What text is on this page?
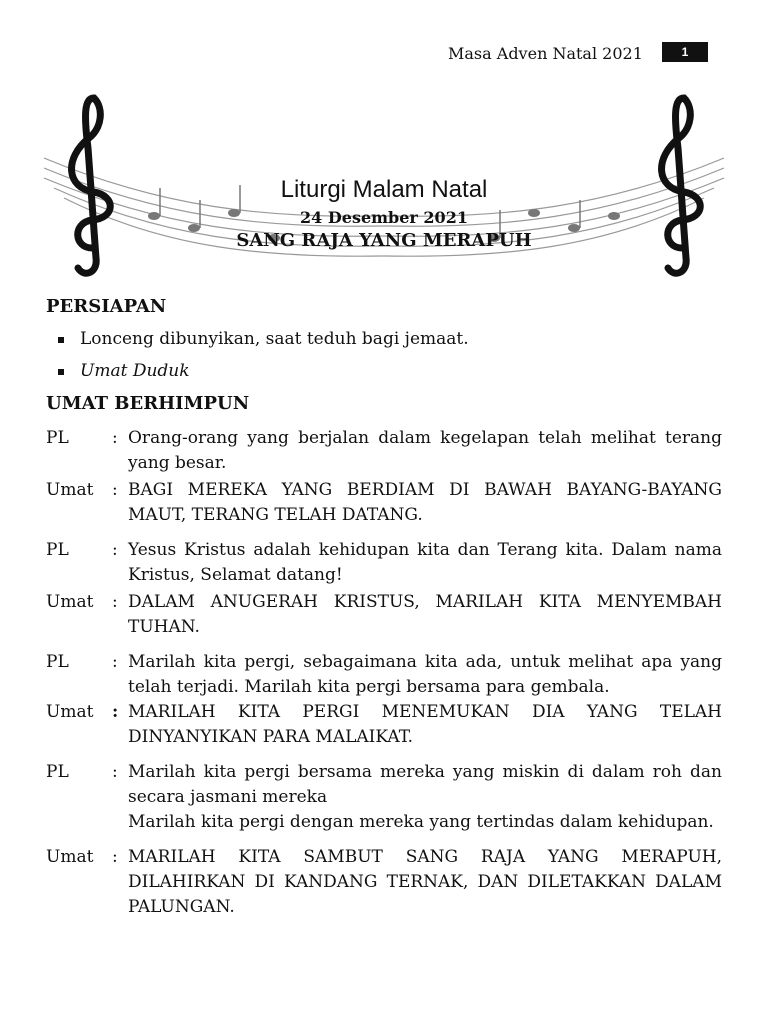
Masa Adven Natal 2021	1
Liturgi Malam Natal
24 Desember 2021
SANG RAJA YANG MERAPUH
PERSIAPAN
Lonceng dibunyikan, saat teduh bagi jemaat.
Umat Duduk
UMAT BERHIMPUN
PL	: Orang-orang yang berjalan dalam kegelapan telah melihat terang yang besar.
Umat	: BAGI MEREKA YANG BERDIAM DI BAWAH BAYANG-BAYANG MAUT, TERANG TELAH DATANG.
PL	: Yesus Kristus adalah kehidupan kita dan Terang kita. Dalam nama Kristus, Selamat datang!
Umat	: DALAM ANUGERAH KRISTUS, MARILAH KITA MENYEMBAH TUHAN.
PL	: Marilah kita pergi, sebagaimana kita ada, untuk melihat apa yang telah terjadi. Marilah kita pergi bersama para gembala.
Umat	: MARILAH KITA PERGI MENEMUKAN DIA YANG TELAH DINYANYIKAN PARA MALAIKAT.
PL	: Marilah kita pergi bersama mereka yang miskin di dalam roh dan secara jasmani mereka
Marilah kita pergi dengan mereka yang tertindas dalam kehidupan.
Umat	: MARILAH KITA SAMBUT SANG RAJA YANG MERAPUH, DILAHIRKAN DI KANDANG TERNAK, DAN DILETAKKAN DALAM PALUNGAN.
